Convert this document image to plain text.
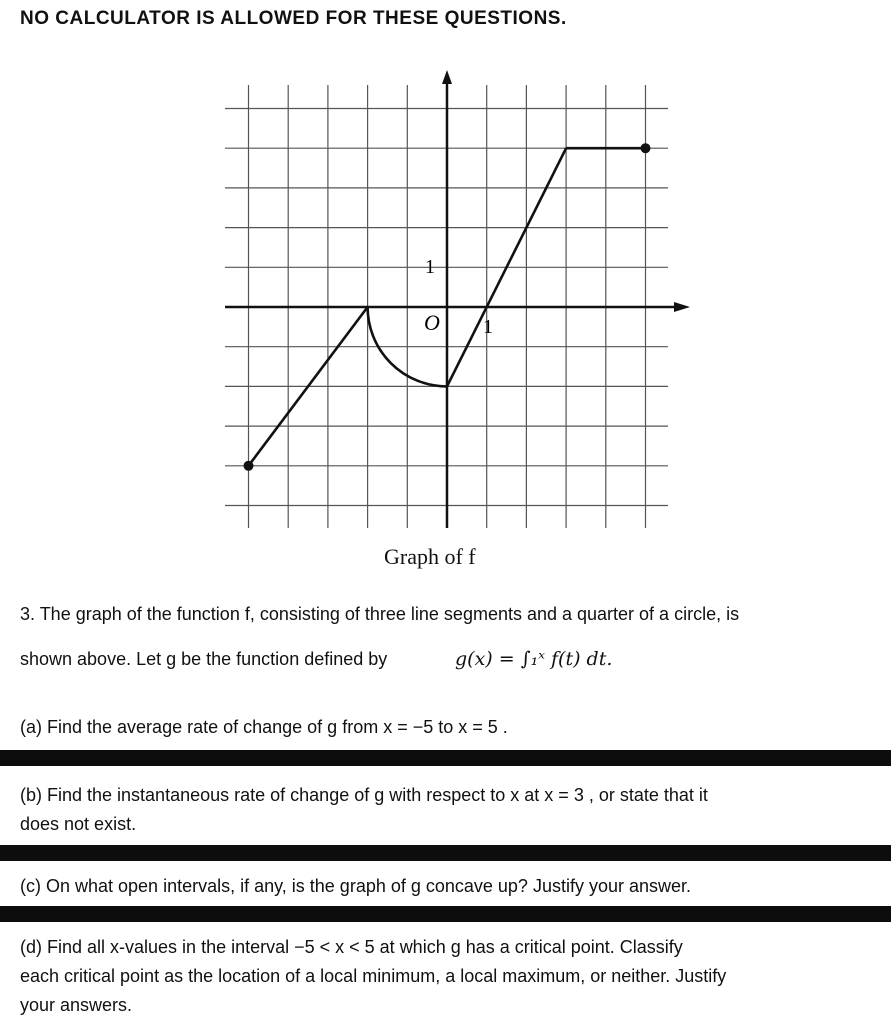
NO CALCULATOR IS ALLOWED FOR THESE QUESTIONS.
1
O 1
Graph of f
3. The graph of the function f, consisting of three line segments and a quarter of a circle, is
shown above. Let g be the function defined by	g(x) = ∫₁ˣ f(t) dt.
(a) Find the average rate of change of g from x = −5 to x = 5 .
(b) Find the instantaneous rate of change of g with respect to x at x = 3 , or state that it
does not exist.
(c) On what open intervals, if any, is the graph of g concave up? Justify your answer.
(d) Find all x-values in the interval −5 < x < 5 at which g has a critical point. Classify
each critical point as the location of a local minimum, a local maximum, or neither. Justify
your answers.
